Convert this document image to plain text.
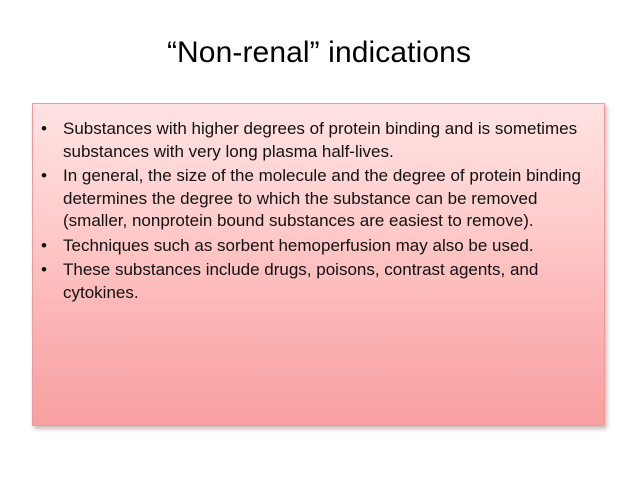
“Non-renal” indications
• Substances with higher degrees of protein binding and is sometimes substances with very long plasma half-lives.
• In general, the size of the molecule and the degree of protein binding determines the degree to which the substance can be removed (smaller, nonprotein bound substances are easiest to remove).
• Techniques such as sorbent hemoperfusion may also be used.
• These substances include drugs, poisons, contrast agents, and cytokines.
